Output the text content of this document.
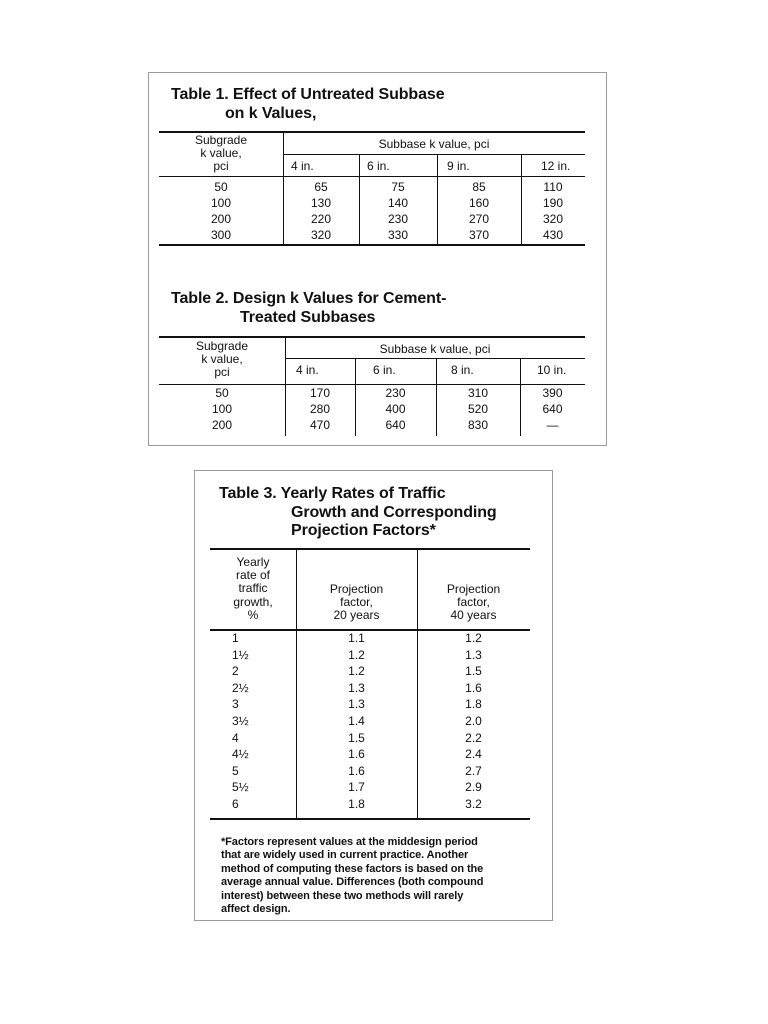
Table 1. Effect of Untreated Subbase
on k Values,
Subgrade
k value,
pci
Subbase k value, pci
4 in.	6 in.	9 in.	12 in.
50	65	75	85	110
100	130	140	160	190
200	220	230	270	320
300	320	330	370	430
Table 2. Design k Values for Cement-
Treated Subbases
Subgrade
k value,
pci
Subbase k value, pci
4 in.	6 in.	8 in.	10 in.
50	170	230	310	390
100	280	400	520	640
200	470	640	830	—
Table 3. Yearly Rates of Traffic
Growth and Corresponding
Projection Factors*
Yearly
rate of
traffic
growth,
%
Projection
factor,
20 years
Projection
factor,
40 years
1	1.1	1.2
1½	1.2	1.3
2	1.2	1.5
2½	1.3	1.6
3	1.3	1.8
3½	1.4	2.0
4	1.5	2.2
4½	1.6	2.4
5	1.6	2.7
5½	1.7	2.9
6	1.8	3.2
*Factors represent values at the middesign period
that are widely used in current practice. Another
method of computing these factors is based on the
average annual value. Differences (both compound
interest) between these two methods will rarely
affect design.
